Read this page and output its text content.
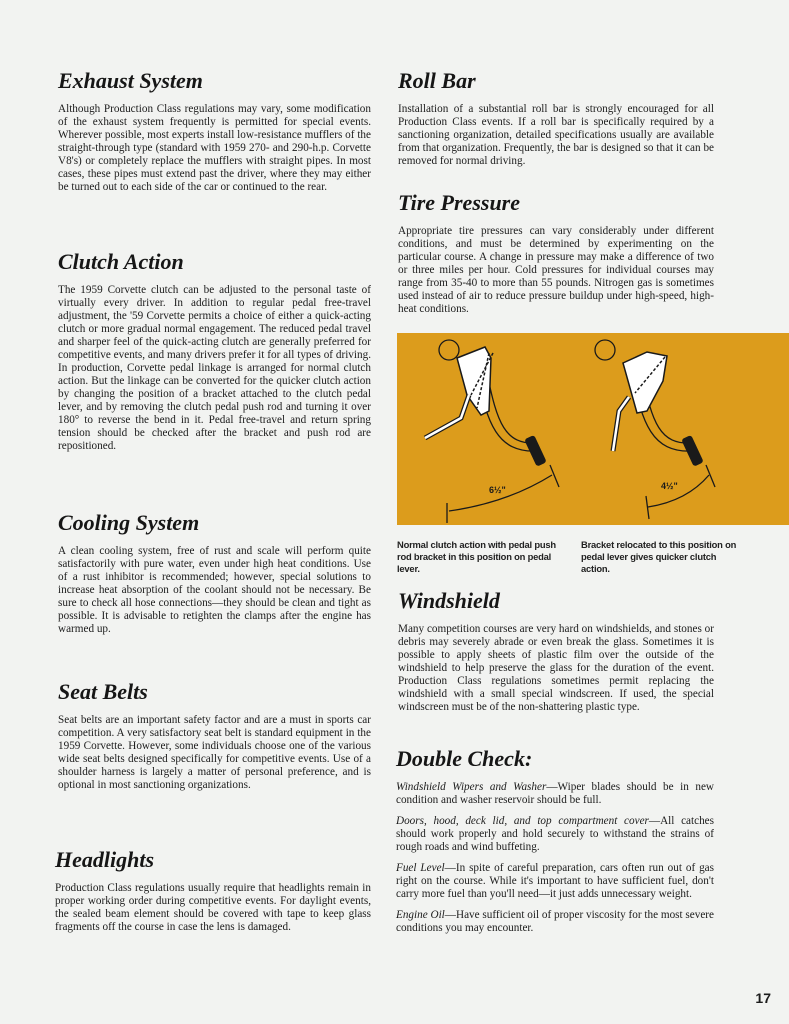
Exhaust System

Although Production Class regulations may vary, some modification of the exhaust system frequently is permitted for special events. Wherever possible, most experts install low-resistance mufflers of the straight-through type (standard with 1959 270- and 290-h.p. Corvette V8's) or completely replace the mufflers with straight pipes. In most cases, these pipes must extend past the driver, where they may either be turned out to each side of the car or continued to the rear.

Clutch Action

The 1959 Corvette clutch can be adjusted to the personal taste of virtually every driver. In addition to regular pedal free-travel adjustment, the '59 Corvette permits a choice of either a quick-acting clutch or more gradual normal engagement. The reduced pedal travel and sharper feel of the quick-acting clutch are generally preferred for competitive events, and many drivers prefer it for all types of driving. In production, Corvette pedal linkage is arranged for normal clutch action. But the linkage can be converted for the quicker clutch action by changing the position of a bracket attached to the clutch pedal lever, and by removing the clutch pedal push rod and turning it over 180° to reverse the bend in it. Pedal free-travel and return spring tension should be checked after the bracket and push rod are repositioned.

Cooling System

A clean cooling system, free of rust and scale will perform quite satisfactorily with pure water, even under high heat conditions. Use of a rust inhibitor is recommended; however, special solutions to increase heat absorption of the coolant should not be necessary. Be sure to check all hose connections—they should be clean and tight as possible. It is advisable to retighten the clamps after the engine has warmed up.

Seat Belts

Seat belts are an important safety factor and are a must in sports car competition. A very satisfactory seat belt is standard equipment in the 1959 Corvette. However, some individuals choose one of the various wide seat belts designed specifically for competitive events. Use of a shoulder harness is largely a matter of personal preference, and is optional in most sanctioning organizations.

Headlights

Production Class regulations usually require that headlights remain in proper working order during competitive events. For daylight events, the sealed beam element should be covered with tape to keep glass fragments off the course in case the lens is damaged.

Roll Bar

Installation of a substantial roll bar is strongly encouraged for all Production Class events. If a roll bar is specifically required by a sanctioning organization, detailed specifications usually are available from that organization. Frequently, the bar is designed so that it can be removed for normal driving.

Tire Pressure

Appropriate tire pressures can vary considerably under different conditions, and must be determined by experimenting on the particular course. A change in pressure may make a difference of two or three miles per hour. Cold pressures for individual courses may range from 35-40 to more than 55 pounds. Nitrogen gas is sometimes used instead of air to reduce pressure buildup under high-speed, high-heat conditions.

6½"	4½"
Normal clutch action with pedal push rod bracket in this position on pedal lever.
Bracket relocated to this position on pedal lever gives quicker clutch action.
Windshield

Many competition courses are very hard on windshields, and stones or debris may severely abrade or even break the glass. Sometimes it is possible to apply sheets of plastic film over the outside of the windshield to help preserve the glass for the duration of the event. Production Class regulations sometimes permit replacing the windshield with a small special windscreen. If used, the special windscreen must be of the non-shattering plastic type.

Double Check:

Windshield Wipers and Washer—Wiper blades should be in new condition and washer reservoir should be full.

Doors, hood, deck lid, and top compartment cover—All catches should work properly and hold securely to withstand the strains of rough roads and wind buffeting.

Fuel Level—In spite of careful preparation, cars often run out of gas right on the course. While it's important to have sufficient fuel, don't carry more fuel than you'll need—it just adds unnecessary weight.

Engine Oil—Have sufficient oil of proper viscosity for the most severe conditions you may encounter.

17
